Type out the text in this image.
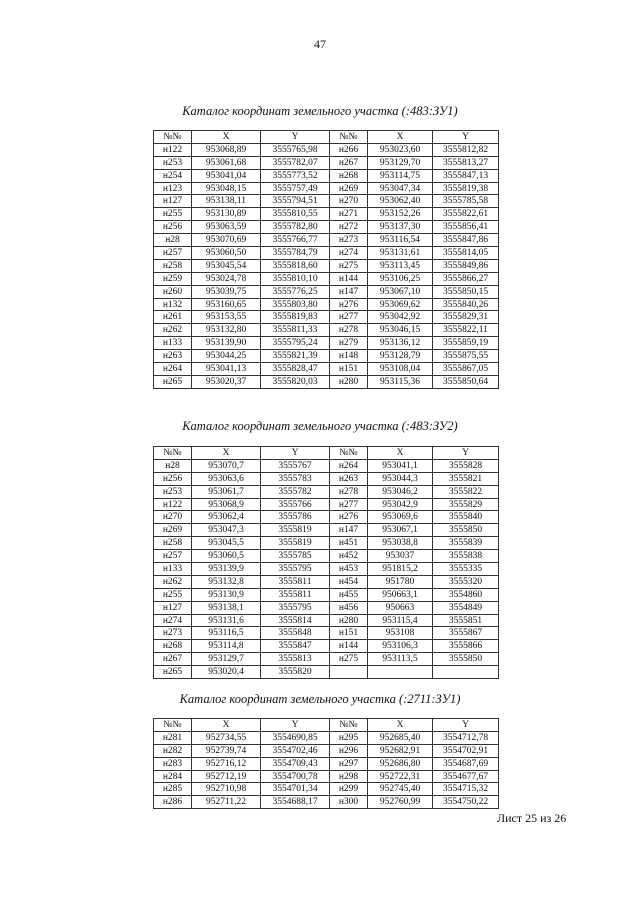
47
Каталог координат земельного участка (:483:ЗУ1)
№№	X	Y	№№	X	Y
н122	953068,89	3555765,98	н266	953023,60	3555812,82
н253	953061,68	3555782,07	н267	953129,70	3555813,27
н254	953041,04	3555773,52	н268	953114,75	3555847,13
н123	953048,15	3555757,49	н269	953047,34	3555819,38
н127	953138,11	3555794,51	н270	953062,40	3555785,58
н255	953130,89	3555810,55	н271	953152,26	3555822,61
н256	953063,59	3555782,80	н272	953137,30	3555856,41
н28	953070,69	3555766,77	н273	953116,54	3555847,86
н257	953060,50	3555784,79	н274	953131,61	3555814,05
н258	953045,54	3555818,60	н275	953113,45	3555849,86
н259	953024,78	3555810,10	н144	953106,25	3555866,27
н260	953039,75	3555776,25	н147	953067,10	3555850,15
н132	953160,65	3555803,80	н276	953069,62	3555840,26
н261	953153,55	3555819,83	н277	953042,92	3555829,31
н262	953132,80	3555811,33	н278	953046,15	3555822,11
н133	953139,90	3555795,24	н279	953136,12	3555859,19
н263	953044,25	3555821,39	н148	953128,79	3555875,55
н264	953041,13	3555828,47	н151	953108,04	3555867,05
н265	953020,37	3555820,03	н280	953115,36	3555850,64
Каталог координат земельного участка (:483:ЗУ2)
№№	X	Y	№№	X	Y
н28	953070,7	3555767	н264	953041,1	3555828
н256	953063,6	3555783	н263	953044,3	3555821
н253	953061,7	3555782	н278	953046,2	3555822
н122	953068,9	3555766	н277	953042,9	3555829
н270	953062,4	3555786	н276	953069,6	3555840
н269	953047,3	3555819	н147	953067,1	3555850
н258	953045,5	3555819	н451	953038,8	3555839
н257	953060,5	3555785	н452	953037	3555838
н133	953139,9	3555795	н453	951815,2	3555335
н262	953132,8	3555811	н454	951780	3555320
н255	953130,9	3555811	н455	950663,1	3554860
н127	953138,1	3555795	н456	950663	3554849
н274	953131,6	3555814	н280	953115,4	3555851
н273	953116,5	3555848	н151	953108	3555867
н268	953114,8	3555847	н144	953106,3	3555866
н267	953129,7	3555813	н275	953113,5	3555850
н265	953020,4	3555820			
Каталог координат земельного участка (:2711:ЗУ1)
№№	X	Y	№№	X	Y
н281	952734,55	3554690,85	н295	952685,40	3554712,78
н282	952739,74	3554702,46	н296	952682,91	3554702,91
н283	952716,12	3554709,43	н297	952686,80	3554687,69
н284	952712,19	3554700,78	н298	952722,31	3554677,67
н285	952710,98	3554701,34	н299	952745,40	3554715,32
н286	952711,22	3554688,17	н300	952760,99	3554750,22
Лист 25 из 26
